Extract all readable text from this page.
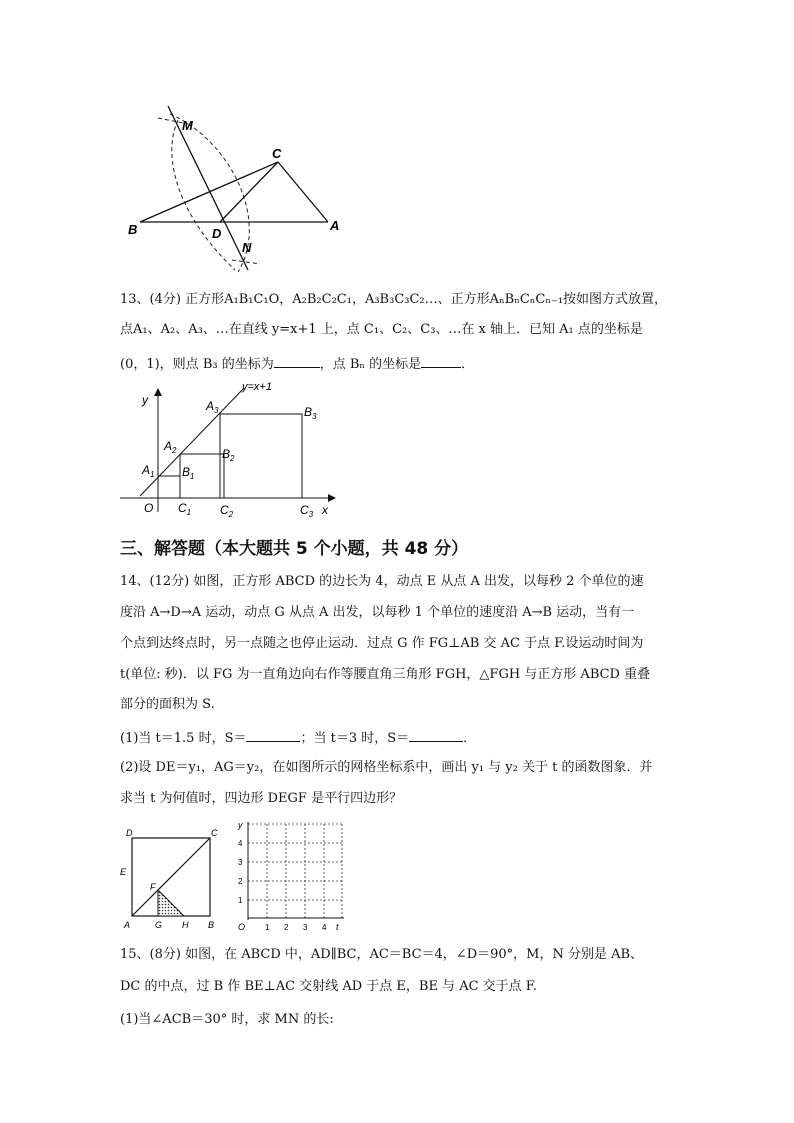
M
C
B	D
N
A
13、(4分) 正方形A₁B₁C₁O，A₂B₂C₂C₁，A₃B₃C₃C₂…、正方形AₙBₙCₙCₙ₋₁按如图方式放置，
点A₁、A₂、A₃、…在直线 y=x+1 上，点 C₁、C₂、C₃、…在 x 轴上．已知 A₁ 点的坐标是
(0，1)，则点 B₃ 的坐标为	，点 Bₙ 的坐标是	．
y=x+1
y
x
O
$A_1$
$A_2$
$A_3$
$B_1$
$B_2$
$B_3$
$C_1$ $C_2$	$C_3$
三、解答题（本大题共 5 个小题，共 48 分）
14、(12分) 如图，正方形 ABCD 的边长为 4，动点 E 从点 A 出发，以每秒 2 个单位的速
度沿 A→D→A 运动，动点 G 从点 A 出发，以每秒 1 个单位的速度沿 A→B 运动，当有一
个点到达终点时，另一点随之也停止运动．过点 G 作 FG⊥AB 交 AC 于点 F.设运动时间为
t(单位: 秒)．以 FG 为一直角边向右作等腰直角三角形 FGH，△FGH 与正方形 ABCD 重叠
部分的面积为 S.
(1)当 t＝1.5 时，S＝	；当 t＝3 时，S＝	．
(2)设 DE＝y₁，AG＝y₂，在如图所示的网格坐标系中，画出 y₁ 与 y₂ 关于 t 的函数图象．并
求当 t 为何值时，四边形 DEGF 是平行四边形？
D	C
E
F
A	G H B
y
t
O
4
3
2
1
1 2 3 4
15、(8分) 如图，在 ABCD 中，AD∥BC，AC＝BC＝4，∠D＝90°，M，N 分别是 AB、
DC 的中点，过 B 作 BE⊥AC 交射线 AD 于点 E，BE 与 AC 交于点 F.
(1)当∠ACB＝30° 时，求 MN 的长:
